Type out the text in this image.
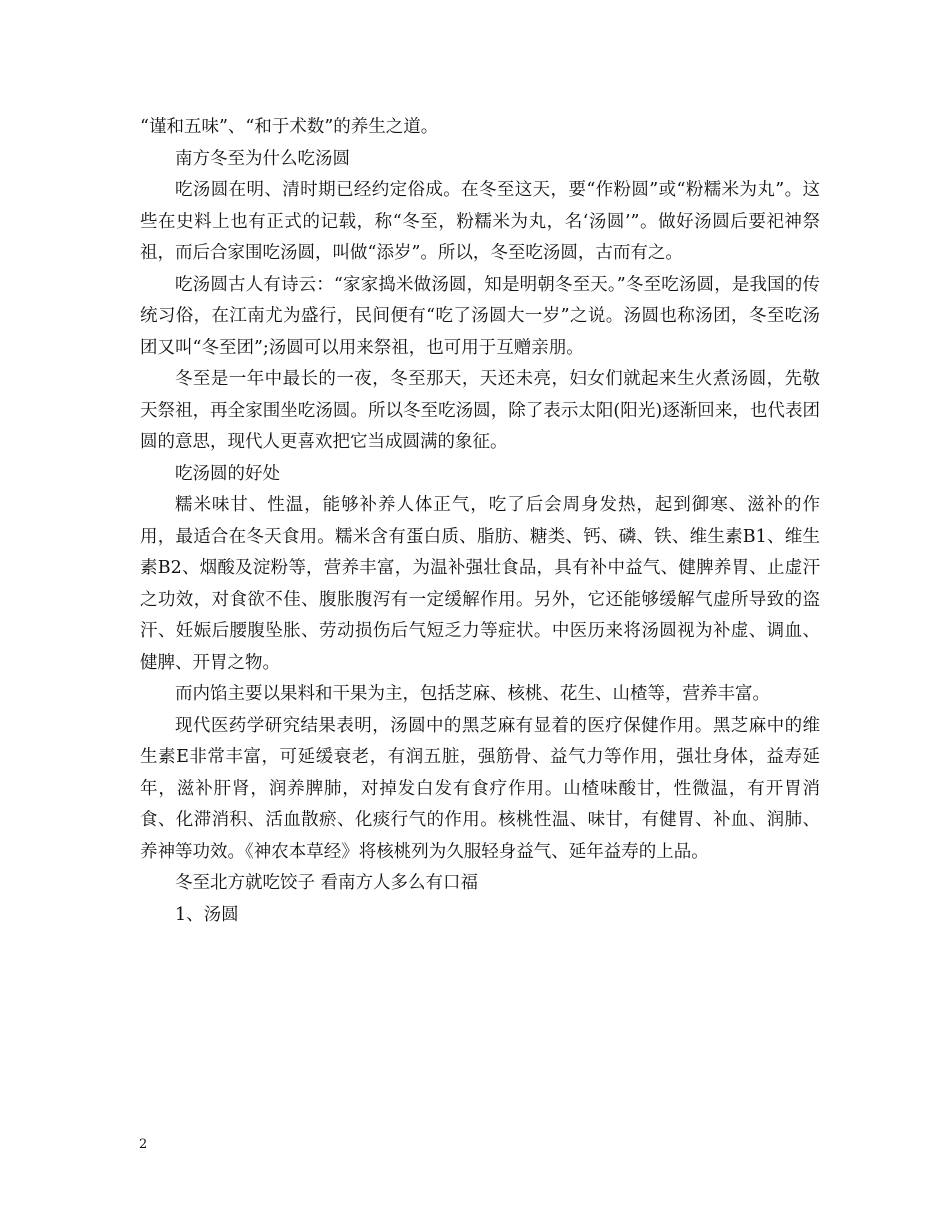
“谨和五味”、“和于术数”的养生之道。

南方冬至为什么吃汤圆

吃汤圆在明、清时期已经约定俗成。在冬至这天，要“作粉圆”或“粉糯米为丸”。这些在史料上也有正式的记载，称“冬至，粉糯米为丸，名‘汤圆’”。做好汤圆后要祀神祭祖，而后合家围吃汤圆，叫做“添岁”。所以，冬至吃汤圆，古而有之。

吃汤圆古人有诗云：“家家捣米做汤圆，知是明朝冬至天。”冬至吃汤圆，是我国的传统习俗，在江南尤为盛行，民间便有“吃了汤圆大一岁”之说。汤圆也称汤团，冬至吃汤团又叫“冬至团”;汤圆可以用来祭祖，也可用于互赠亲朋。

冬至是一年中最长的一夜，冬至那天，天还未亮，妇女们就起来生火煮汤圆，先敬天祭祖，再全家围坐吃汤圆。所以冬至吃汤圆，除了表示太阳(阳光)逐渐回来，也代表团圆的意思，现代人更喜欢把它当成圆满的象征。

吃汤圆的好处

糯米味甘、性温，能够补养人体正气，吃了后会周身发热，起到御寒、滋补的作用，最适合在冬天食用。糯米含有蛋白质、脂肪、糖类、钙、磷、铁、维生素B1、维生素B2、烟酸及淀粉等，营养丰富，为温补强壮食品，具有补中益气、健脾养胃、止虚汗之功效，对食欲不佳、腹胀腹泻有一定缓解作用。另外，它还能够缓解气虚所导致的盗汗、妊娠后腰腹坠胀、劳动损伤后气短乏力等症状。中医历来将汤圆视为补虚、调血、健脾、开胃之物。

而内馅主要以果料和干果为主，包括芝麻、核桃、花生、山楂等，营养丰富。

现代医药学研究结果表明，汤圆中的黑芝麻有显着的医疗保健作用。黑芝麻中的维生素E非常丰富，可延缓衰老，有润五脏，强筋骨、益气力等作用，强壮身体，益寿延年，滋补肝肾，润养脾肺，对掉发白发有食疗作用。山楂味酸甘，性微温，有开胃消食、化滞消积、活血散瘀、化痰行气的作用。核桃性温、味甘，有健胃、补血、润肺、养神等功效。《神农本草经》将核桃列为久服轻身益气、延年益寿的上品。

冬至北方就吃饺子 看南方人多么有口福

1、汤圆

2
